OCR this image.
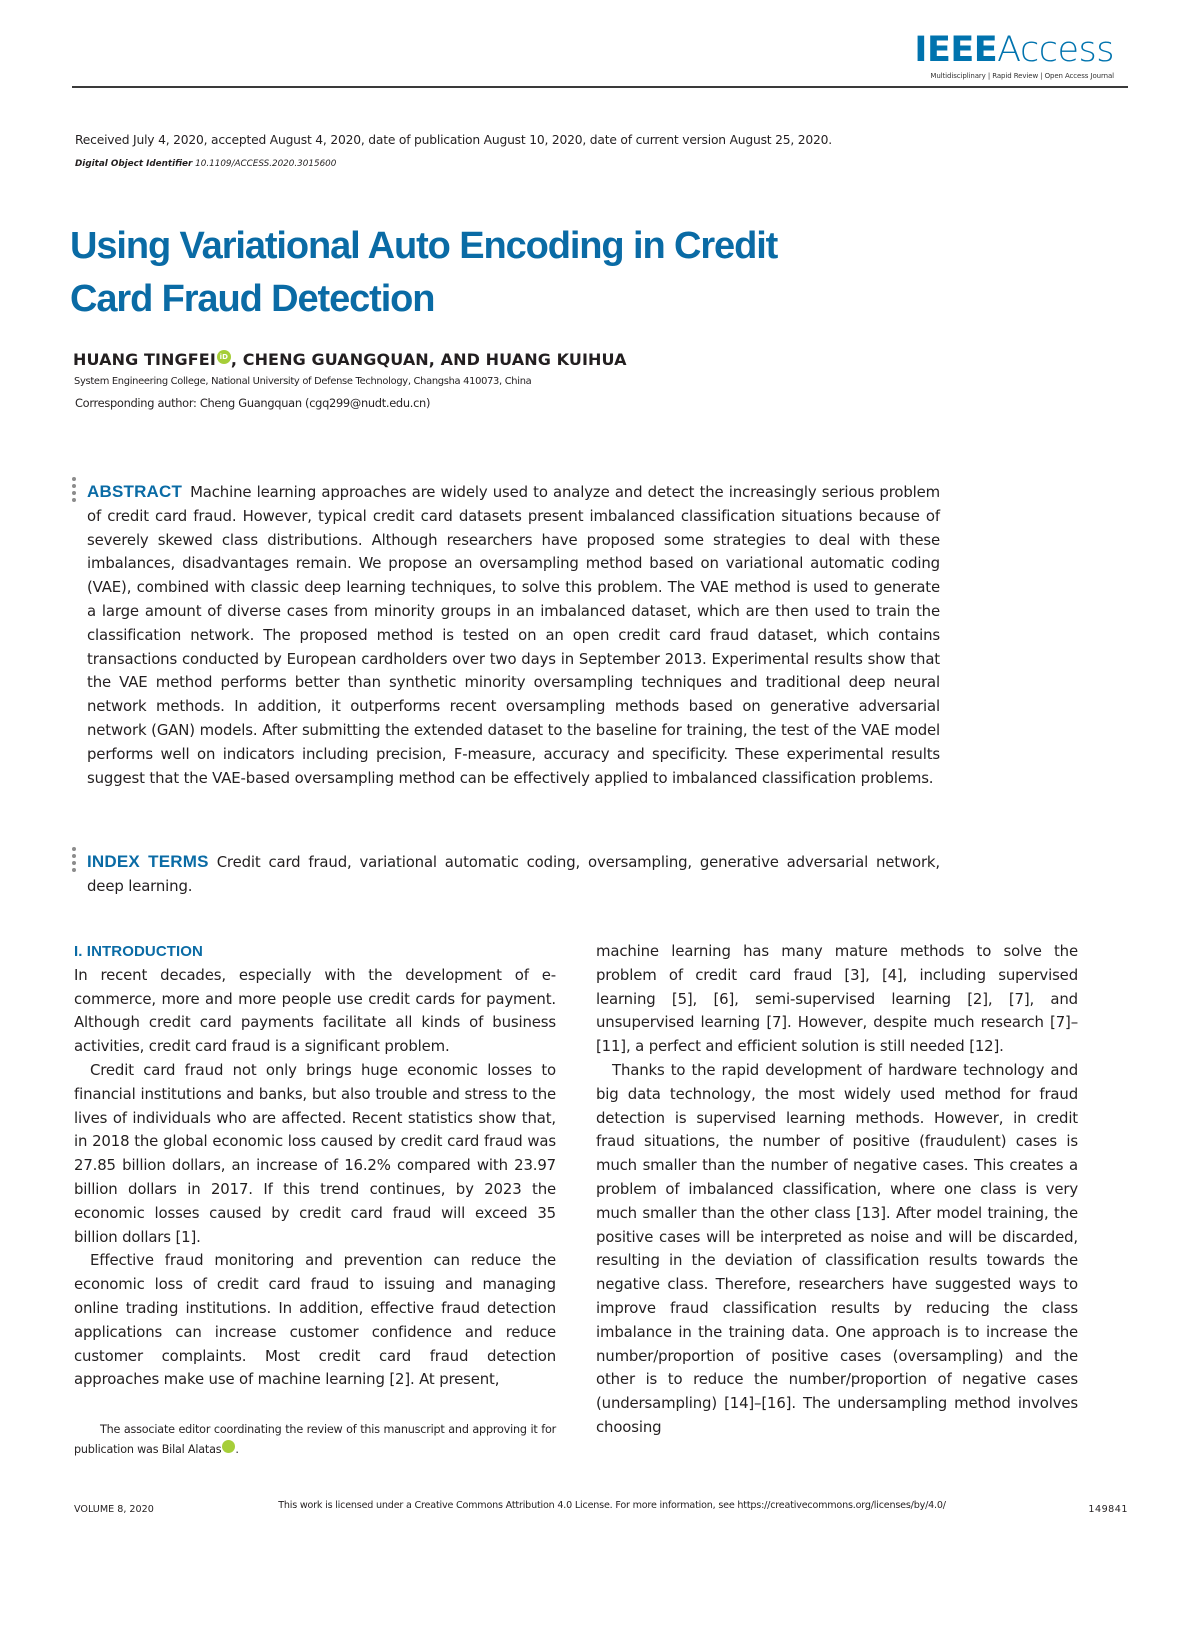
IEEEAccess
Multidisciplinary | Rapid Review | Open Access Journal
Received July 4, 2020, accepted August 4, 2020, date of publication August 10, 2020, date of current version August 25, 2020.
Digital Object Identifier 10.1109/ACCESS.2020.3015600
Using Variational Auto Encoding in Credit Card Fraud Detection
HUANG TINGFEI iD , CHENG GUANGQUAN, AND HUANG KUIHUA
System Engineering College, National University of Defense Technology, Changsha 410073, China
Corresponding author: Cheng Guangquan (cgq299@nudt.edu.cn)
ABSTRACT Machine learning approaches are widely used to analyze and detect the increasingly serious problem of credit card fraud. However, typical credit card datasets present imbalanced classification situations because of severely skewed class distributions. Although researchers have proposed some strategies to deal with these imbalances, disadvantages remain. We propose an oversampling method based on variational automatic coding (VAE), combined with classic deep learning techniques, to solve this problem. The VAE method is used to generate a large amount of diverse cases from minority groups in an imbalanced dataset, which are then used to train the classification network. The proposed method is tested on an open credit card fraud dataset, which contains transactions conducted by European cardholders over two days in September 2013. Experimental results show that the VAE method performs better than synthetic minority oversampling techniques and traditional deep neural network methods. In addition, it outperforms recent oversampling methods based on generative adversarial network (GAN) models. After submitting the extended dataset to the baseline for training, the test of the VAE model performs well on indicators including precision, F-measure, accuracy and specificity. These experimental results suggest that the VAE-based oversampling method can be effectively applied to imbalanced classification problems.
INDEX TERMS Credit card fraud, variational automatic coding, oversampling, generative adversarial network, deep learning.
I. INTRODUCTION

In recent decades, especially with the development of e-commerce, more and more people use credit cards for payment. Although credit card payments facilitate all kinds of business activities, credit card fraud is a significant problem.

Credit card fraud not only brings huge economic losses to financial institutions and banks, but also trouble and stress to the lives of individuals who are affected. Recent statistics show that, in 2018 the global economic loss caused by credit card fraud was 27.85 billion dollars, an increase of 16.2% compared with 23.97 billion dollars in 2017. If this trend continues, by 2023 the economic losses caused by credit card fraud will exceed 35 billion dollars [1].

Effective fraud monitoring and prevention can reduce the economic loss of credit card fraud to issuing and managing online trading institutions. In addition, effective fraud detection applications can increase customer confidence and reduce customer complaints. Most credit card fraud detection approaches make use of machine learning [2]. At present,

machine learning has many mature methods to solve the problem of credit card fraud [3], [4], including supervised learning [5], [6], semi-supervised learning [2], [7], and unsupervised learning [7]. However, despite much research [7]–[11], a perfect and efficient solution is still needed [12].

Thanks to the rapid development of hardware technology and big data technology, the most widely used method for fraud detection is supervised learning methods. However, in credit fraud situations, the number of positive (fraudulent) cases is much smaller than the number of negative cases. This creates a problem of imbalanced classification, where one class is very much smaller than the other class [13]. After model training, the positive cases will be interpreted as noise and will be discarded, resulting in the deviation of classification results towards the negative class. Therefore, researchers have suggested ways to improve fraud classification results by reducing the class imbalance in the training data. One approach is to increase the number/proportion of positive cases (oversampling) and the other is to reduce the number/proportion of negative cases (undersampling) [14]–[16]. The undersampling method involves choosing

The associate editor coordinating the review of this manuscript and approving it for publication was Bilal Alatas	iD.
VOLUME 8, 2020	This work is licensed under a Creative Commons Attribution 4.0 License. For more information, see https://creativecommons.org/licenses/by/4.0/	149841
